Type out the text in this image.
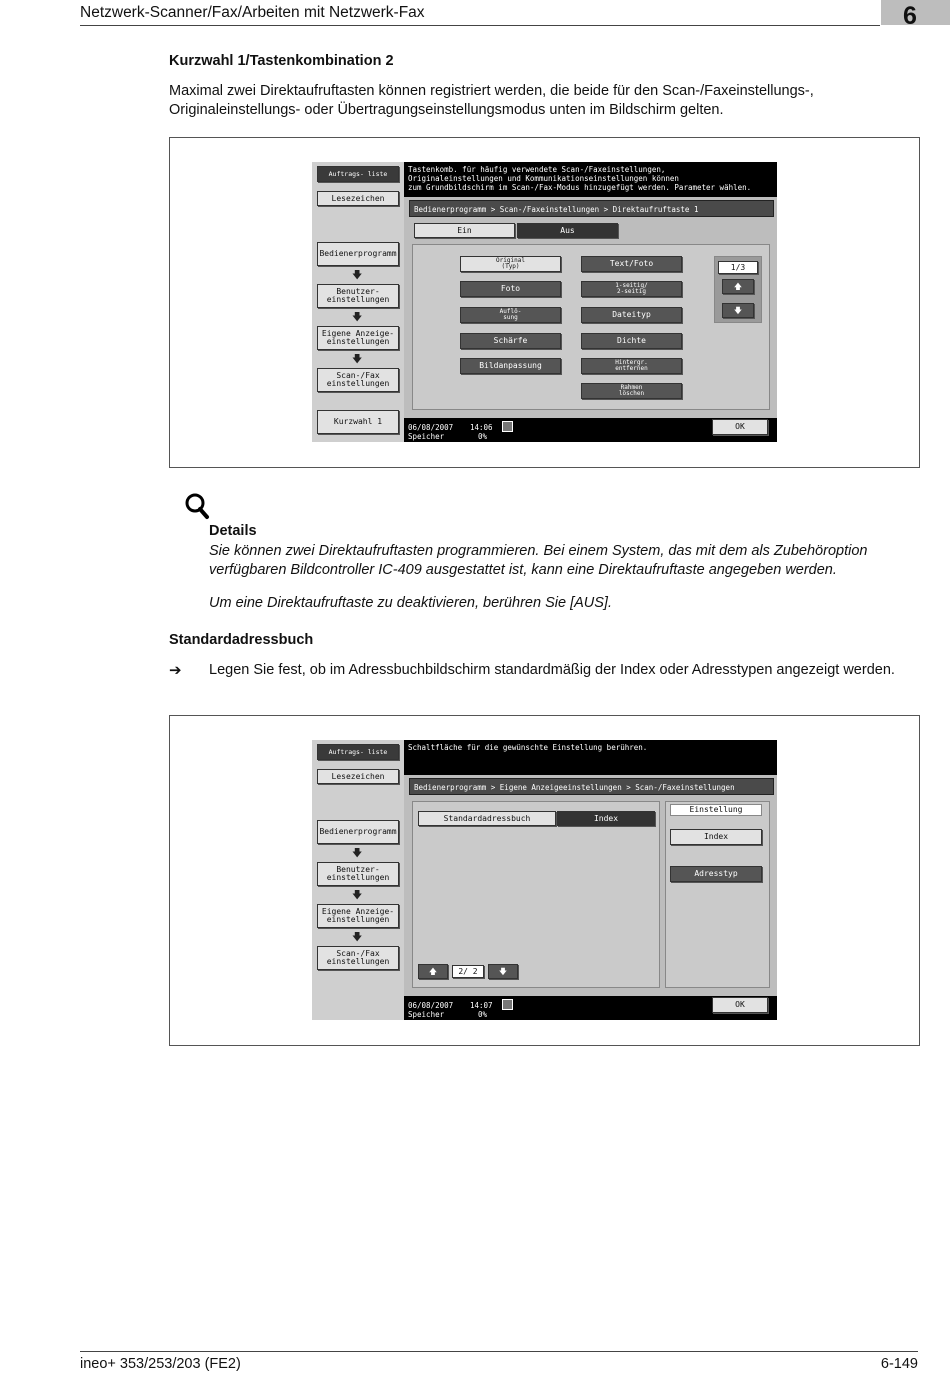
Netzwerk-Scanner/Fax/Arbeiten mit Netzwerk-Fax	6
Kurzwahl 1/Tastenkombination 2
Maximal zwei Direktaufruftasten können registriert werden, die beide für den Scan-/Faxeinstellungs-, Originaleinstellungs- oder Übertragungseinstellungsmodus unten im Bildschirm gelten.
Auftrags- liste
Lesezeichen
Bedienerprogramm
🡇
Benutzer-
einstellungen
🡇
Eigene Anzeige-
einstellungen
🡇
Scan-/Fax
einstellungen
Kurzwahl 1
Tastenkomb. für häufig verwendete Scan-/Faxeinstellungen,
Originaleinstellungen und Kommunikationseinstellungen können
zum Grundbildschirm im Scan-/Fax-Modus hinzugefügt werden. Parameter wählen.
Bedienerprogramm > Scan-/Faxeinstellungen > Direktaufruftaste 1
Ein	Aus
Original
(Typ)	Text/Foto
Foto	1-seitig/
2-seitig
Auflö-
sung	Dateityp
Schärfe	Dichte
Bildanpassung	Hintergr.
entfernen
Rahmen
löschen
1/3
🡅
🡇
06/08/2007 14:06
Speicher	0%
OK
Details
Sie können zwei Direktaufruftasten programmieren. Bei einem System, das mit dem als Zubehöroption verfügbaren Bildcontroller IC-409 ausgestattet ist, kann eine Direktaufruftaste angegeben werden.
Um eine Direktaufruftaste zu deaktivieren, berühren Sie [AUS].
Standardadressbuch
➔ Legen Sie fest, ob im Adressbuchbildschirm standardmäßig der Index oder Adresstypen angezeigt werden.
Auftrags- liste
Lesezeichen
Bedienerprogramm
🡇
Benutzer-
einstellungen
🡇
Eigene Anzeige-
einstellungen
🡇
Scan-/Fax
einstellungen
Schaltfläche für die gewünschte Einstellung berühren.
Bedienerprogramm > Eigene Anzeigeeinstellungen > Scan-/Faxeinstellungen
Standardadressbuch	Index
🡅	2/ 2	🡇
Einstellung
Index
Adresstyp
06/08/2007 14:07
Speicher	0%
OK
ineo+ 353/253/203 (FE2)	6-149
